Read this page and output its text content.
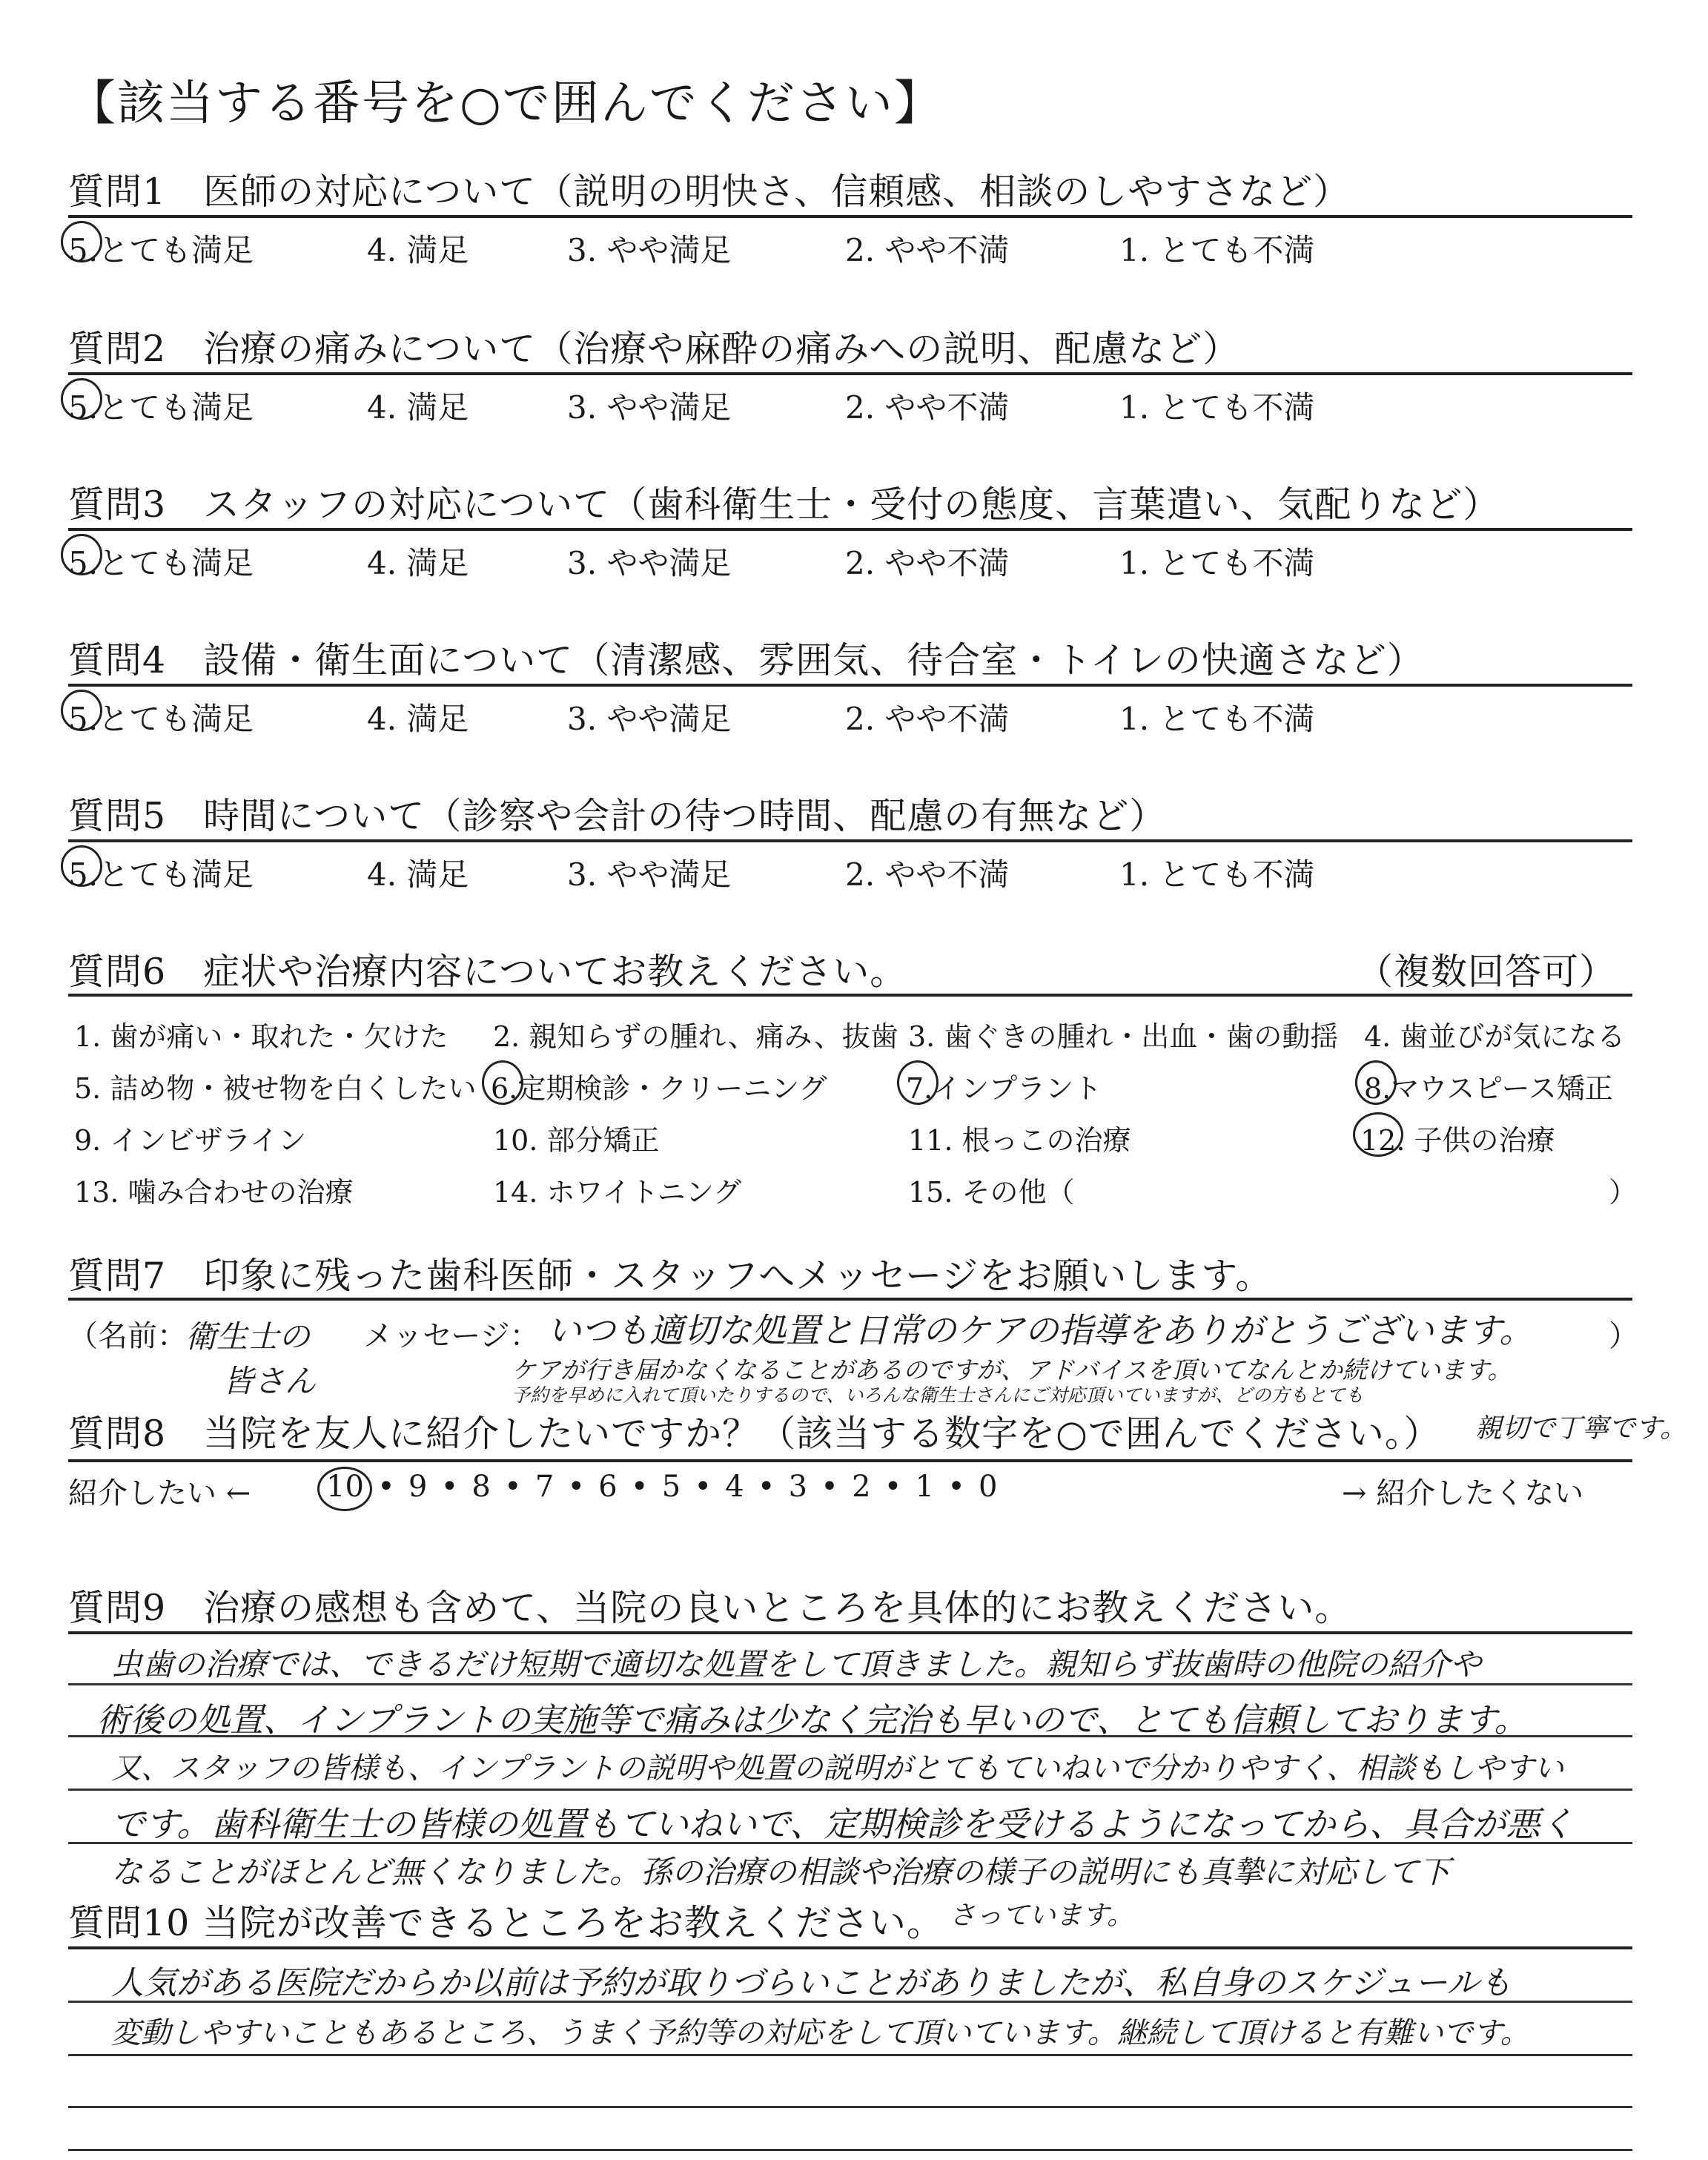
【該当する番号を○で囲んでください】
質問1　医師の対応について（説明の明快さ、信頼感、相談のしやすさなど）
5.とても満足	4. 満足	3. やや満足	2. やや不満	1. とても不満
質問2　治療の痛みについて（治療や麻酔の痛みへの説明、配慮など）
5.とても満足	4. 満足	3. やや満足	2. やや不満	1. とても不満
質問3　スタッフの対応について（歯科衛生士・受付の態度、言葉遣い、気配りなど）
5.とても満足	4. 満足	3. やや満足	2. やや不満	1. とても不満
質問4　設備・衛生面について（清潔感、雰囲気、待合室・トイレの快適さなど）
5.とても満足	4. 満足	3. やや満足	2. やや不満	1. とても不満
質問5　時間について（診察や会計の待つ時間、配慮の有無など）
5.とても満足	4. 満足	3. やや満足	2. やや不満	1. とても不満
質問6　症状や治療内容についてお教えください。	（複数回答可）
1. 歯が痛い・取れた・欠けた 2. 親知らずの腫れ、痛み、抜歯 3. 歯ぐきの腫れ・出血・歯の動揺 4. 歯並びが気になる
5. 詰め物・被せ物を白くしたい 6.定期検診・クリーニング	7.インプラント	8.マウスピース矯正
9. インビザライン	10. 部分矯正	11. 根っこの治療	12. 子供の治療
13. 噛み合わせの治療	14. ホワイトニング	15. その他（	）
質問7　印象に残った歯科医師・スタッフへメッセージをお願いします。
（名前：
衛生士の
皆さん
メッセージ： いつも適切な処置と日常のケアの指導をありがとうございます。	）
ケアが行き届かなくなることがあるのですが、アドバイスを頂いてなんとか続けています。
予約を早めに入れて頂いたりするので、いろんな衛生士さんにご対応頂いていますが、どの方もとても
質問8　当院を友人に紹介したいですか？（該当する数字を○で囲んでください。） 親切で丁寧です。
紹介したい ←	10 • 9 • 8 • 7 • 6 • 5 • 4 • 3 • 2 • 1 • 0	→ 紹介したくない
質問9　治療の感想も含めて、当院の良いところを具体的にお教えください。
虫歯の治療では、できるだけ短期で適切な処置をして頂きました。親知らず抜歯時の他院の紹介や
術後の処置、インプラントの実施等で痛みは少なく完治も早いので、とても信頼しております。
又、スタッフの皆様も、インプラントの説明や処置の説明がとてもていねいで分かりやすく、相談もしやすい
です。歯科衛生士の皆様の処置もていねいで、定期検診を受けるようになってから、具合が悪く
なることがほとんど無くなりました。孫の治療の相談や治療の様子の説明にも真摯に対応して下
さっています。
質問10 当院が改善できるところをお教えください。
人気がある医院だからか以前は予約が取りづらいことがありましたが、私自身のスケジュールも
変動しやすいこともあるところ、うまく予約等の対応をして頂いています。継続して頂けると有難いです。
